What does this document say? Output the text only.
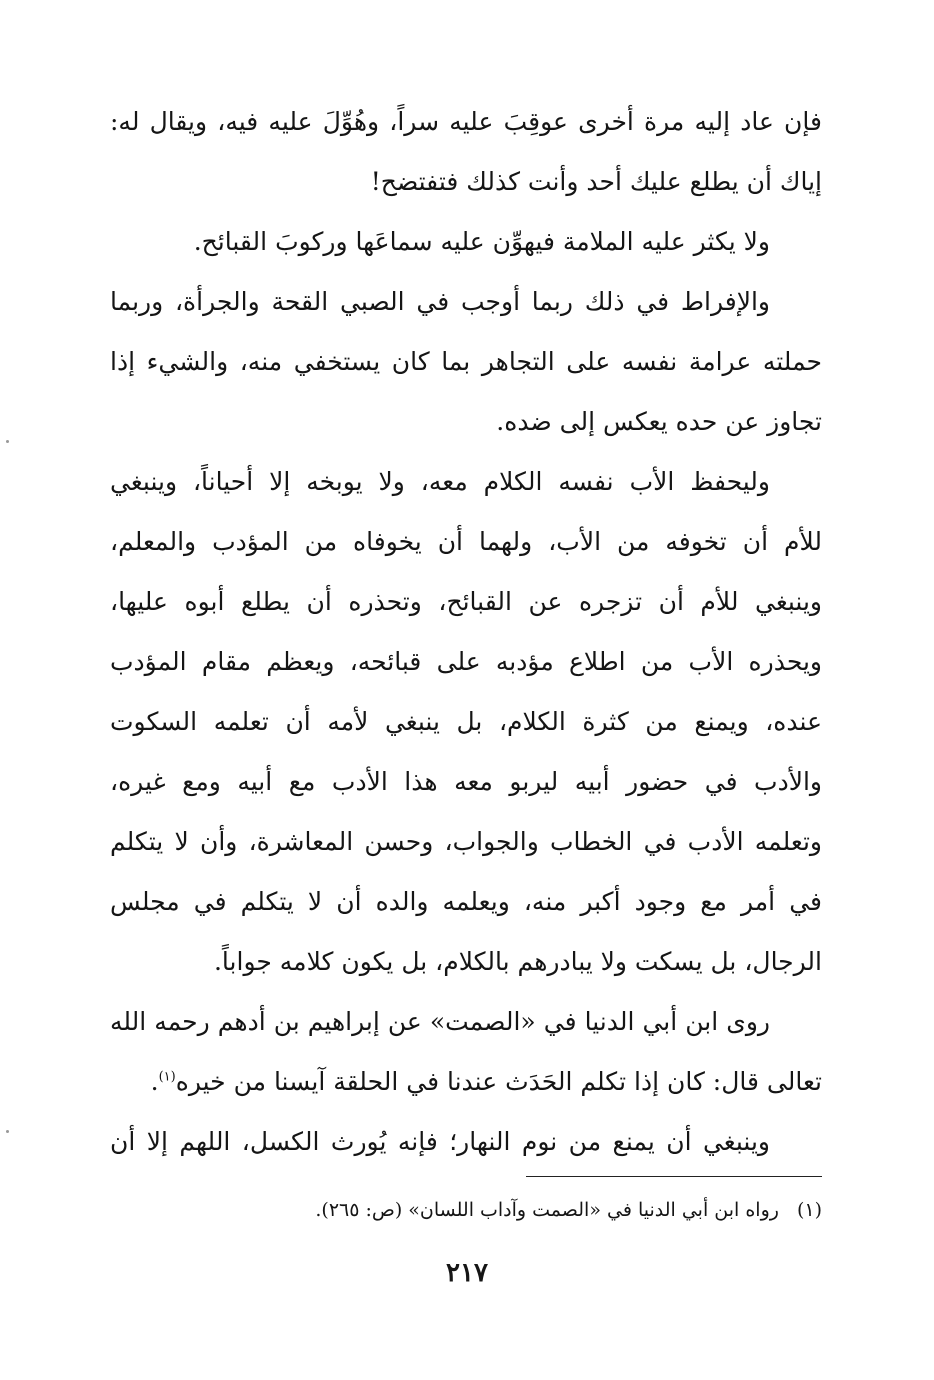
فإن عاد إليه مرة أخرى عوقِبَ عليه سراً، وهُوِّلَ عليه فيه، ويقال له:
إياك أن يطلع عليك أحد وأنت كذلك فتفتضح!
ولا يكثر عليه الملامة فيهوِّن عليه سماعَها وركوبَ القبائح.
والإفراط في ذلك ربما أوجب في الصبي القحة والجرأة، وربما
حملته عرامة نفسه على التجاهر بما كان يستخفي منه، والشيء إذا
تجاوز عن حده يعكس إلى ضده.
وليحفظ الأب نفسه الكلام معه، ولا يوبخه إلا أحياناً، وينبغي
للأم أن تخوفه من الأب، ولهما أن يخوفاه من المؤدب والمعلم،
وينبغي للأم أن تزجره عن القبائح، وتحذره أن يطلع أبوه عليها،
ويحذره الأب من اطلاع مؤدبه على قبائحه، ويعظم مقام المؤدب
عنده، ويمنع من كثرة الكلام، بل ينبغي لأمه أن تعلمه السكوت
والأدب في حضور أبيه ليربو معه هذا الأدب مع أبيه ومع غيره،
وتعلمه الأدب في الخطاب والجواب، وحسن المعاشرة، وأن لا يتكلم
في أمر مع وجود أكبر منه، ويعلمه والده أن لا يتكلم في مجلس
الرجال، بل يسكت ولا يبادرهم بالكلام، بل يكون كلامه جواباً.
روى ابن أبي الدنيا في «الصمت» عن إبراهيم بن أدهم رحمه الله
تعالى قال: كان إذا تكلم الحَدَث عندنا في الحلقة آيسنا من خيره$^{(١)}$.
وينبغي أن يمنع من نوم النهار؛ فإنه يُورث الكسل، اللهم إلا أن
(١)رواه ابن أبي الدنيا في «الصمت وآداب اللسان» (ص: ٢٦٥).
٢١٧
